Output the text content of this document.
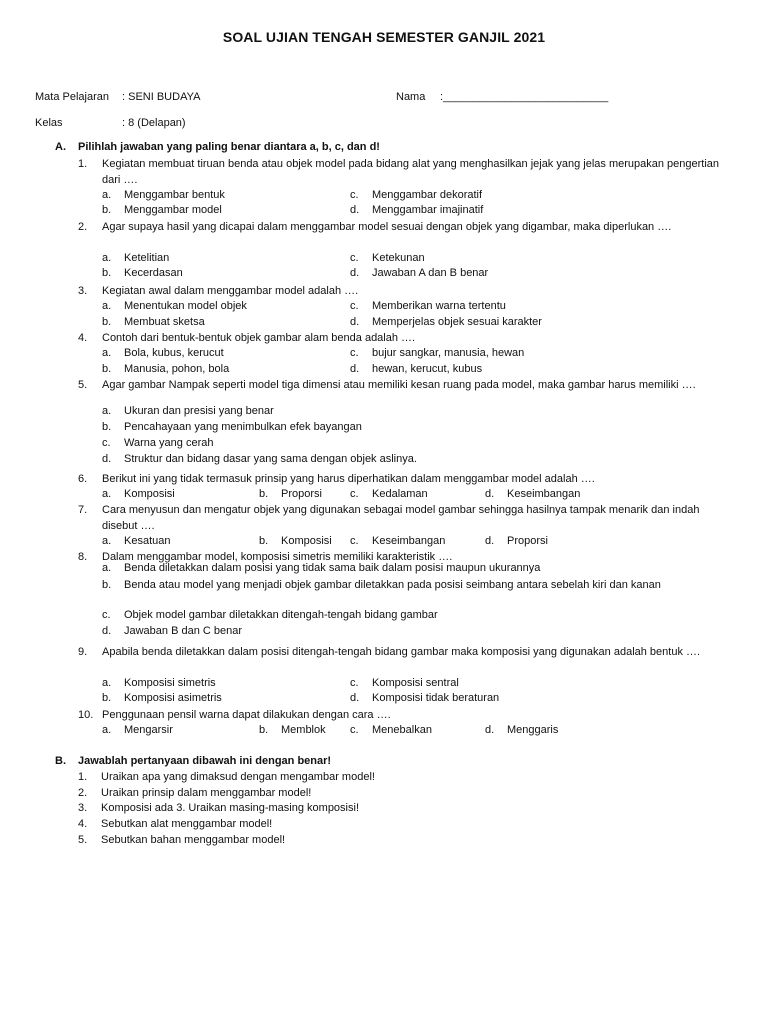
SOAL UJIAN TENGAH SEMESTER GANJIL 2021
Mata Pelajaran : SENI BUDAYA	Nama :___________________________
Kelas	: 8 (Delapan)
A. Pilihlah jawaban yang paling benar diantara a, b, c, dan d!
1.	Kegiatan membuat tiruan benda atau objek model pada bidang alat yang menghasilkan jejak yang jelas merupakan pengertian dari ….
2.	Agar supaya hasil yang dicapai dalam menggambar model sesuai dengan objek yang digambar, maka diperlukan ….
3.	Kegiatan awal dalam menggambar model adalah ….
4.	Contoh dari bentuk-bentuk objek gambar alam benda adalah ….
5.	Agar gambar Nampak seperti model tiga dimensi atau memiliki kesan ruang pada model, maka gambar harus memiliki ….
6.	Berikut ini yang tidak termasuk prinsip yang harus diperhatikan dalam menggambar model adalah ….
7.	Cara menyusun dan mengatur objek yang digunakan sebagai model gambar sehingga hasilnya tampak menarik dan indah disebut ….
8.	Dalam menggambar model, komposisi simetris memiliki karakteristik ….
9.	Apabila benda diletakkan dalam posisi ditengah-tengah bidang gambar maka komposisi yang digunakan adalah bentuk ….
10. Penggunaan pensil warna dapat dilakukan dengan cara ….
B. Jawablah pertanyaan dibawah ini dengan benar!
1. Uraikan apa yang dimaksud dengan mengambar model!
2. Uraikan prinsip dalam menggambar model!
3. Komposisi ada 3. Uraikan masing-masing komposisi!
4. Sebutkan alat menggambar model!
5. Sebutkan bahan menggambar model!
a. Menggambar bentuk	c. Menggambar dekoratif
b. Menggambar model	d. Menggambar imajinatif
a. Ketelitian	c. Ketekunan
b. Kecerdasan	d. Jawaban A dan B benar
a. Menentukan model objek	c. Memberikan warna tertentu
b. Membuat sketsa	d. Memperjelas objek sesuai karakter
a. Bola, kubus, kerucut	c. bujur sangkar, manusia, hewan
b. Manusia, pohon, bola	d. hewan, kerucut, kubus
a. Ukuran dan presisi yang benar
b. Pencahayaan yang menimbulkan efek bayangan
c. Warna yang cerah
d. Struktur dan bidang dasar yang sama dengan objek aslinya.
a. Komposisi	b. Proporsi	c. Kedalaman	d. Keseimbangan
a. Kesatuan	b. Komposisi c. Keseimbangan	d. Proporsi
a. Benda diletakkan dalam posisi yang tidak sama baik dalam posisi maupun ukurannya
b.	Benda atau model yang menjadi objek gambar diletakkan pada posisi seimbang antara sebelah kiri dan kanan
c. Objek model gambar diletakkan ditengah-tengah bidang gambar
d. Jawaban B dan C benar
a. Komposisi simetris	c. Komposisi sentral
b. Komposisi asimetris	d. Komposisi tidak beraturan
a. Mengarsir	b. Memblok c. Menebalkan	d. Menggaris
